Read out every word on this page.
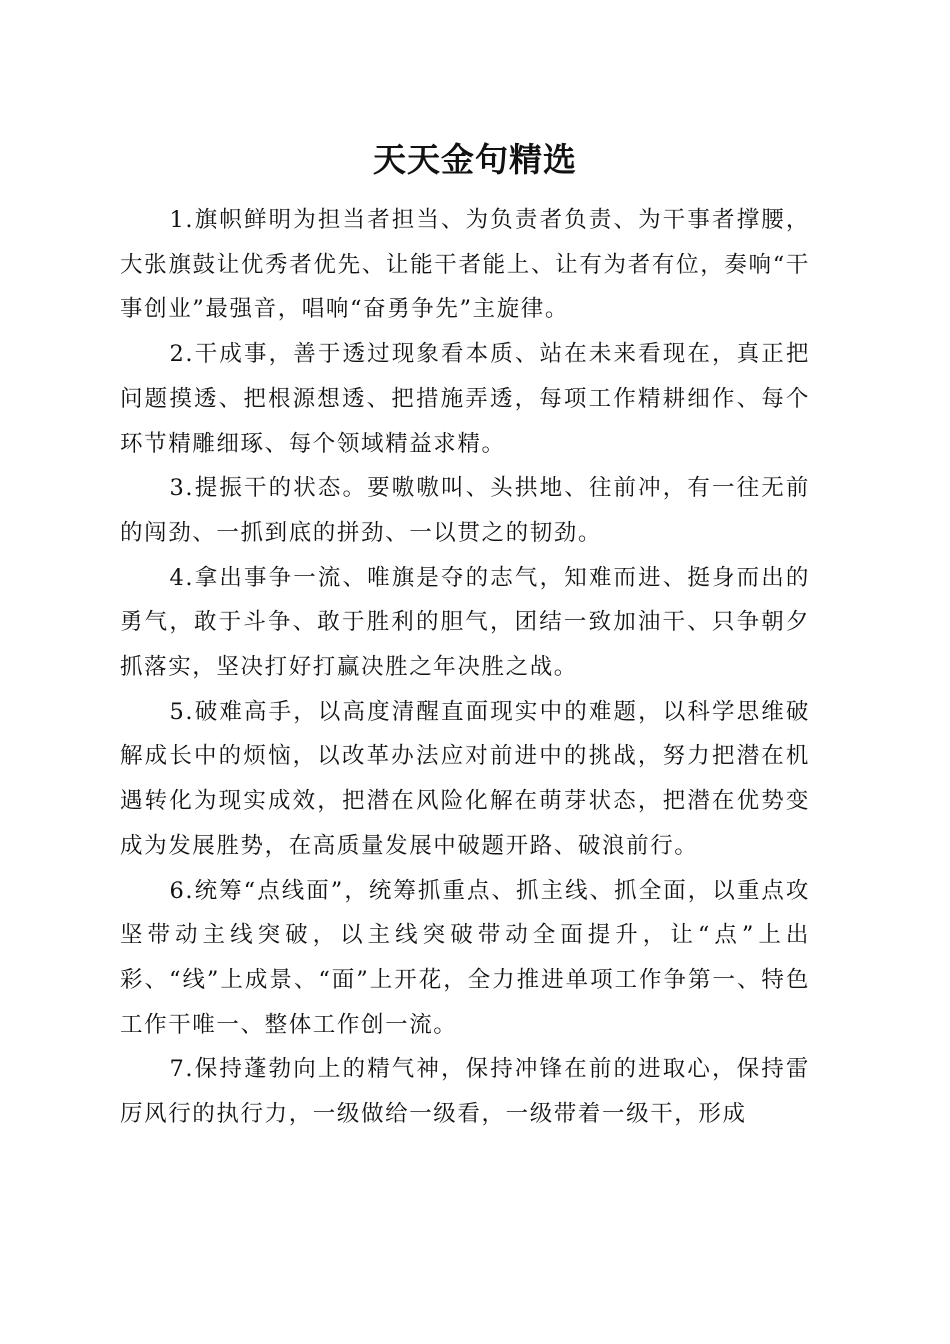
天天金句精选

1.旗帜鲜明为担当者担当、为负责者负责、为干事者撑腰，大张旗鼓让优秀者优先、让能干者能上、让有为者有位，奏响“干事创业”最强音，唱响“奋勇争先”主旋律。

2.干成事，善于透过现象看本质、站在未来看现在，真正把问题摸透、把根源想透、把措施弄透，每项工作精耕细作、每个环节精雕细琢、每个领域精益求精。

3.提振干的状态。要嗷嗷叫、头拱地、往前冲，有一往无前的闯劲、一抓到底的拼劲、一以贯之的韧劲。

4.拿出事争一流、唯旗是夺的志气，知难而进、挺身而出的勇气，敢于斗争、敢于胜利的胆气，团结一致加油干、只争朝夕抓落实，坚决打好打赢决胜之年决胜之战。

5.破难高手，以高度清醒直面现实中的难题，以科学思维破解成长中的烦恼，以改革办法应对前进中的挑战，努力把潜在机遇转化为现实成效，把潜在风险化解在萌芽状态，把潜在优势变成为发展胜势，在高质量发展中破题开路、破浪前行。

6.统筹“点线面”，统筹抓重点、抓主线、抓全面，以重点攻坚带动主线突破，以主线突破带动全面提升，让“点”上出彩、“线”上成景、“面”上开花，全力推进单项工作争第一、特色工作干唯一、整体工作创一流。

7.保持蓬勃向上的精气神，保持冲锋在前的进取心，保持雷厉风行的执行力，一级做给一级看，一级带着一级干，形成
